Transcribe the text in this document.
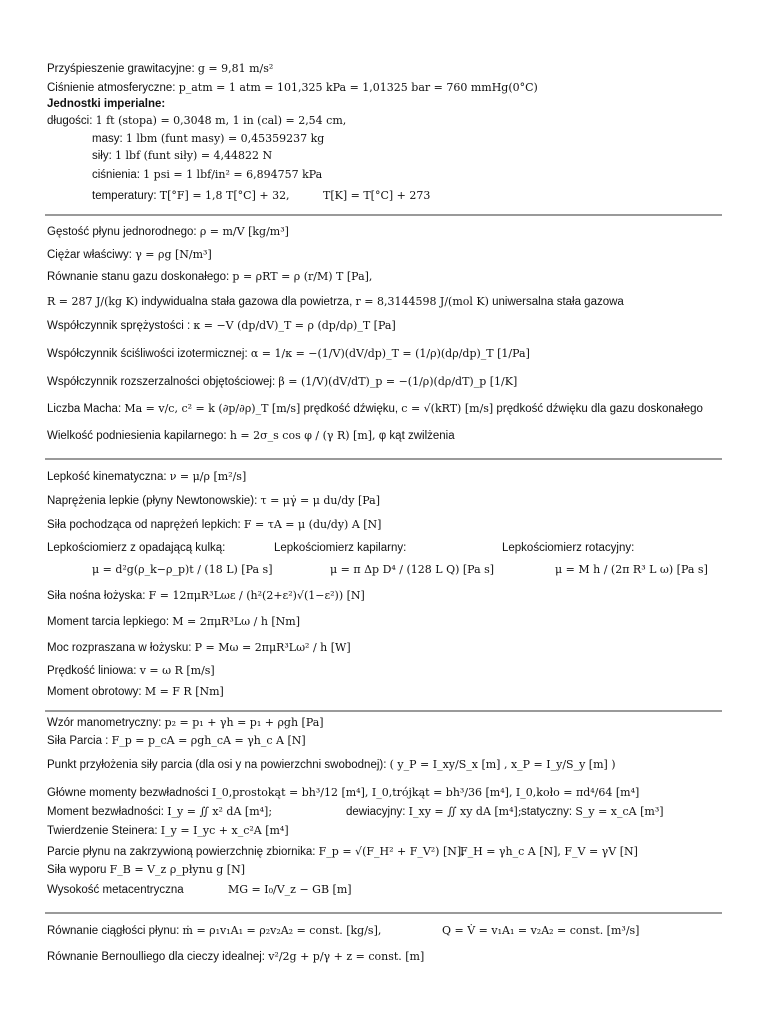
Przyśpieszenie grawitacyjne: g = 9,81 m/s²
Ciśnienie atmosferyczne: p_atm = 1 atm = 101,325 kPa = 1,01325 bar = 760 mmHg(0°C)
Jednostki imperialne:
długości: 1 ft (stopa) = 0,3048 m, 1 in (cal) = 2,54 cm,
masy: 1 lbm (funt masy) = 0,45359237 kg
siły: 1 lbf (funt siły) = 4,44822 N
ciśnienia: 1 psi = 1 lbf/in² = 6,894757 kPa
temperatury: T[°F] = 1,8 T[°C] + 32,	T[K] = T[°C] + 273
Gęstość płynu jednorodnego: ρ = m/V [kg/m³]
Ciężar właściwy: γ = ρg [N/m³]
Równanie stanu gazu doskonałego: p = ρRT = ρ (r/M) T [Pa],
R = 287 J/(kg K) indywidualna stała gazowa dla powietrza, r = 8,3144598 J/(mol K) uniwersalna stała gazowa
Współczynnik sprężystości : κ = −V (dp/dV)_T = ρ (dp/dρ)_T [Pa]
Współczynnik ściśliwości izotermicznej: α = 1/κ = −(1/V)(dV/dp)_T = (1/ρ)(dρ/dp)_T [1/Pa]
Współczynnik rozszerzalności objętościowej: β = (1/V)(dV/dT)_p = −(1/ρ)(dρ/dT)_p [1/K]
Liczba Macha: Ma = v/c, c² = k (∂p/∂ρ)_T [m/s] prędkość dźwięku, c = √(kRT) [m/s] prędkość dźwięku dla gazu doskonałego
Wielkość podniesienia kapilarnego: h = 2σ_s cos φ / (γ R) [m], φ kąt zwilżenia
Lepkość kinematyczna: ν = μ/ρ [m²/s]
Naprężenia lepkie (płyny Newtonowskie): τ = μγ̇ = μ du/dy [Pa]
Siła pochodząca od naprężeń lepkich: F = τA = μ (du/dy) A [N]
Lepkościomierz z opadającą kulką:	Lepkościomierz kapilarny:	Lepkościomierz rotacyjny:
μ = d²g(ρ_k−ρ_p)t / (18 L) [Pa s]	μ = π Δp D⁴ / (128 L Q) [Pa s]	μ = M h / (2π R³ L ω) [Pa s]
Siła nośna łożyska: F = 12πμR³Lωε / (h²(2+ε²)√(1−ε²)) [N]
Moment tarcia lepkiego: M = 2πμR³Lω / h [Nm]
Moc rozpraszana w łożysku: P = Mω = 2πμR³Lω² / h [W]
Prędkość liniowa: v = ω R [m/s]
Moment obrotowy: M = F R [Nm]
Wzór manometryczny: p₂ = p₁ + γh = p₁ + ρgh [Pa]
Siła Parcia : F_p = p_cA = ρgh_cA = γh_c A [N]
Punkt przyłożenia siły parcia (dla osi y na powierzchni swobodnej): ( y_P = I_xy/S_x [m] , x_P = I_y/S_y [m] )
Główne momenty bezwładności I_0,prostokąt = bh³/12 [m⁴], I_0,trójkąt = bh³/36 [m⁴], I_0,koło = πd⁴/64 [m⁴]
Moment bezwładności: I_y = ∬ x² dA [m⁴];	dewiacyjny: I_xy = ∬ xy dA [m⁴]; statyczny: S_y = x_cA [m³]
Twierdzenie Steinera: I_y = I_yc + x_c²A [m⁴]
Parcie płynu na zakrzywioną powierzchnię zbiornika: F_p = √(F_H² + F_V²) [N],
F_H = γh_c A [N], F_V = γV [N]
Siła wyporu F_B = V_z ρ_płynu g [N]
Wysokość metacentryczna	MG = I₀/V_z − GB [m]
Równanie ciągłości płynu: ṁ = ρ₁v₁A₁ = ρ₂v₂A₂ = const. [kg/s],	Q = V̇ = v₁A₁ = v₂A₂ = const. [m³/s]
Równanie Bernoulliego dla cieczy idealnej: v²/2g + p/γ + z = const. [m]
